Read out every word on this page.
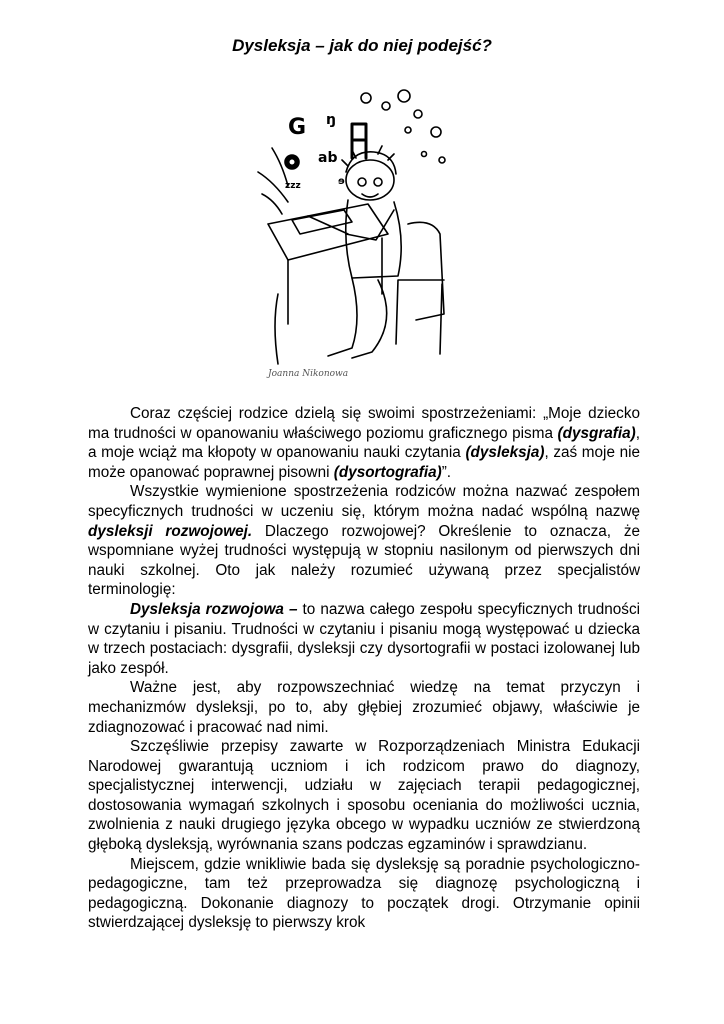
Dysleksja – jak do niej podejść?
G ŋ
ab
ɘ
zzz
Joanna Nikonowa

Coraz częściej rodzice dzielą się swoimi spostrzeżeniami: „Moje dziecko ma trudności w opanowaniu właściwego poziomu graficznego pisma (dysgrafia), a moje wciąż ma kłopoty w opanowaniu nauki czytania (dysleksja), zaś moje nie może opanować poprawnej pisowni (dysortografia)”.

Wszystkie wymienione spostrzeżenia rodziców można nazwać zespołem specyficznych trudności w uczeniu się, którym można nadać wspólną nazwę dysleksji rozwojowej. Dlaczego rozwojowej? Określenie to oznacza, że wspomniane wyżej trudności występują w stopniu nasilonym od pierwszych dni nauki szkolnej. Oto jak należy rozumieć używaną przez specjalistów terminologię:

Dysleksja rozwojowa – to nazwa całego zespołu specyficznych trudności w czytaniu i pisaniu. Trudności w czytaniu i pisaniu mogą występować u dziecka w trzech postaciach: dysgrafii, dysleksji czy dysortografii w postaci izolowanej lub jako zespół.

Ważne jest, aby rozpowszechniać wiedzę na temat przyczyn i mechanizmów dysleksji, po to, aby głębiej zrozumieć objawy, właściwie je zdiagnozować i pracować nad nimi.

Szczęśliwie przepisy zawarte w Rozporządzeniach Ministra Edukacji Narodowej gwarantują uczniom i ich rodzicom prawo do diagnozy, specjalistycznej interwencji, udziału w zajęciach terapii pedagogicznej, dostosowania wymagań szkolnych i sposobu oceniania do możliwości ucznia, zwolnienia z nauki drugiego języka obcego w wypadku uczniów ze stwierdzoną głęboką dysleksją, wyrównania szans podczas egzaminów i sprawdzianu.

Miejscem, gdzie wnikliwie bada się dysleksję są poradnie psychologiczno-pedagogiczne, tam też przeprowadza się diagnozę psychologiczną i pedagogiczną. Dokonanie diagnozy to początek drogi. Otrzymanie opinii stwierdzającej dysleksję to pierwszy krok
